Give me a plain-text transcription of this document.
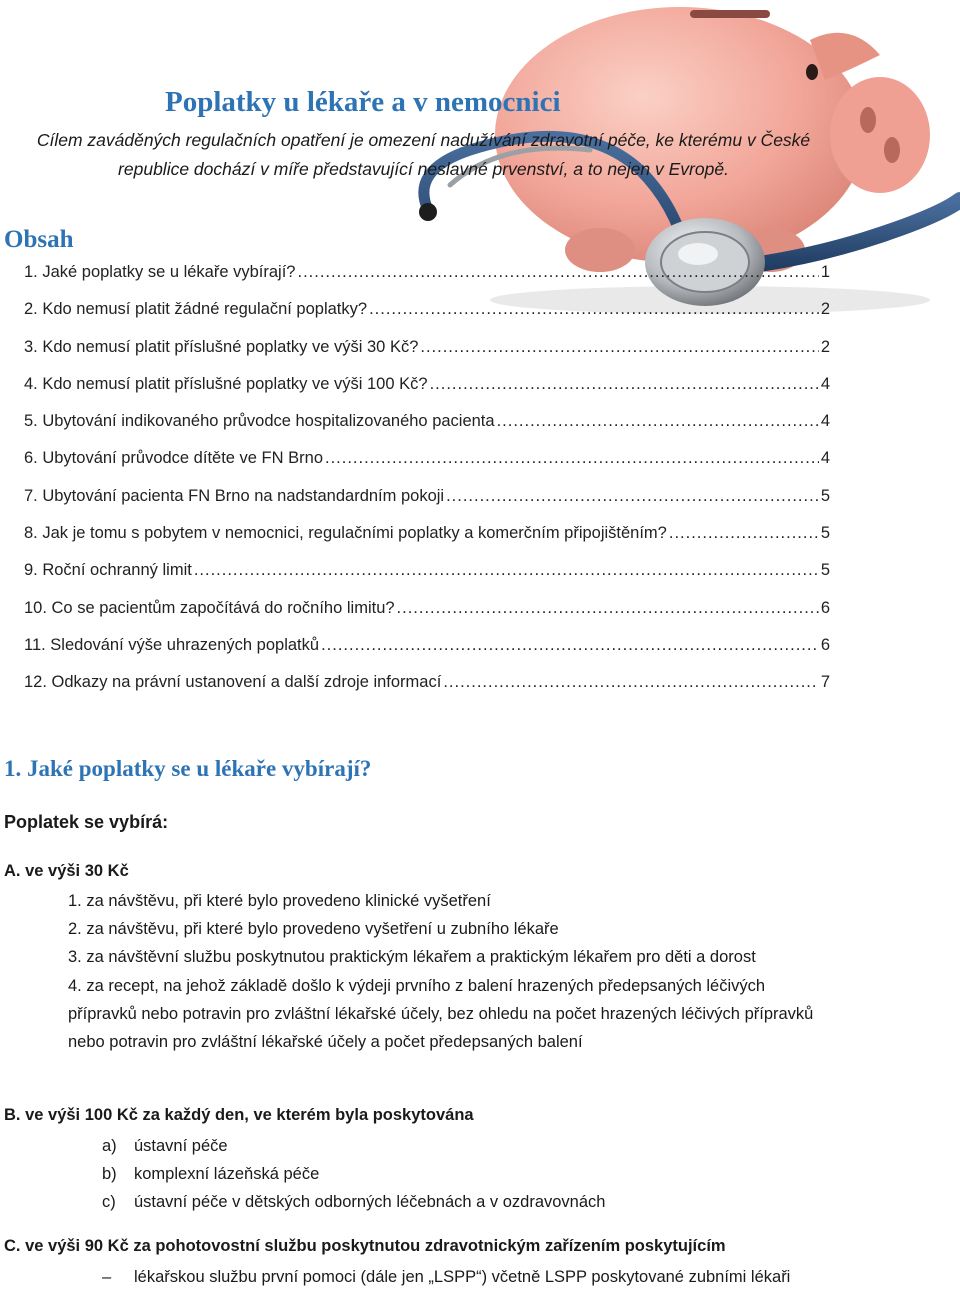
Poplatky u lékaře a v nemocnici

Cílem zaváděných regulačních opatření je omezení nadužívání zdravotní péče, ke kterému v České republice dochází v míře představující neslavné prvenství, a to nejen v Evropě.

Obsah
1. Jaké poplatky se u lékaře vybírají? .....	1
2. Kdo nemusí platit žádné regulační poplatky? .....	2
3. Kdo nemusí platit příslušné poplatky ve výši 30 Kč? .....	2
4. Kdo nemusí platit příslušné poplatky ve výši 100 Kč? .....	4
5. Ubytování indikovaného průvodce hospitalizovaného pacienta .....	4
6. Ubytování průvodce dítěte ve FN Brno .....	4
7. Ubytování pacienta FN Brno na nadstandardním pokoji .....	5
8. Jak je tomu s pobytem v nemocnici, regulačními poplatky a komerčním připojištěním? .....	5
9. Roční ochranný limit .....	5
10. Co se pacientům započítává do ročního limitu? .....	6
11. Sledování výše uhrazených poplatků .....	6
12. Odkazy na právní ustanovení a další zdroje informací .....	7
1. Jaké poplatky se u lékaře vybírají?
Poplatek se vybírá:

A. ve výši 30 Kč

1. za návštěvu, při které bylo provedeno klinické vyšetření
2. za návštěvu, při které bylo provedeno vyšetření u zubního lékaře
3. za návštěvní službu poskytnutou praktickým lékařem a praktickým lékařem pro děti a dorost
4. za recept, na jehož základě došlo k výdeji prvního z balení hrazených předepsaných léčivých přípravků nebo potravin pro zvláštní lékařské účely, bez ohledu na počet hrazených léčivých přípravků nebo potravin pro zvláštní lékařské účely a počet předepsaných balení

B. ve výši 100 Kč za každý den, ve kterém byla poskytována

a)	ústavní péče
b)	komplexní lázeňská péče
c)	ústavní péče v dětských odborných léčebnách a v ozdravovnách

C. ve výši 90 Kč za pohotovostní službu poskytnutou zdravotnickým zařízením poskytujícím

–	lékařskou službu první pomoci (dále jen „LSPP“) včetně LSPP poskytované zubními lékaři
